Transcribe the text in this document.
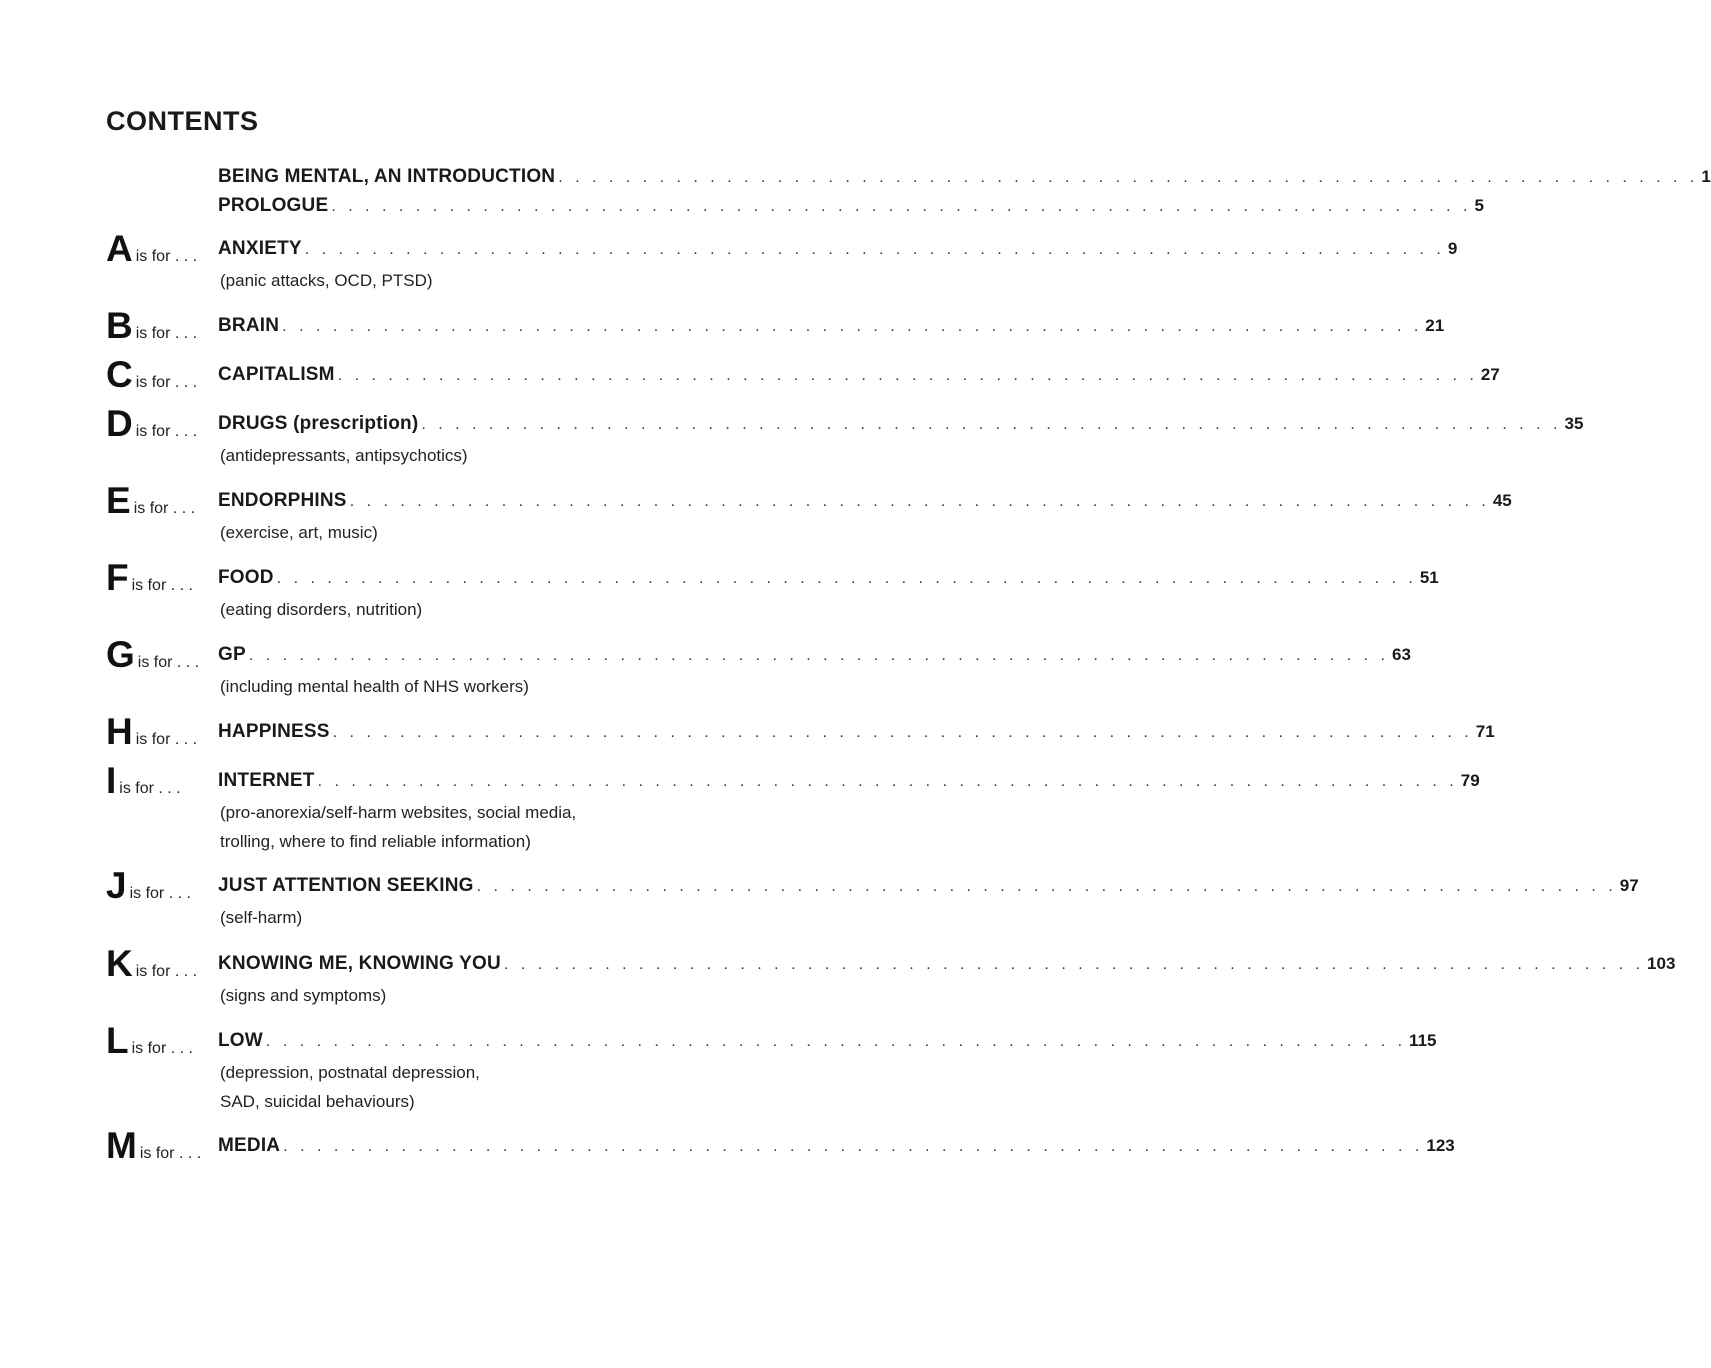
CONTENTS
BEING MENTAL, AN INTRODUCTION . . . . . . . . . . . . . . . . . . . . . . . . . . . . . . . . . . . . . . . . . . . . . . . . . . . . . . . . . . . . . . . . . . . . 1
PROLOGUE . . . . . . . . . . . . . . . . . . . . . . . . . . . . . . . . . . . . . . . . . . . . . . . . . . . . . . . . . . . . . . . . . . . . 5
A is for . . . ANXIETY . . . . . . . . . . . . . . . . . . . . . . . . . . . . . . . . . . . . . . . . . . . . . . . . . . . . . . . . . . . . . . . . . . . . 9
(panic attacks, OCD, PTSD)
B is for . . . BRAIN . . . . . . . . . . . . . . . . . . . . . . . . . . . . . . . . . . . . . . . . . . . . . . . . . . . . . . . . . . . . . . . . . . . . 21
C is for . . . CAPITALISM . . . . . . . . . . . . . . . . . . . . . . . . . . . . . . . . . . . . . . . . . . . . . . . . . . . . . . . . . . . . . . . . . . . . 27
D is for . . . DRUGS (prescription) . . . . . . . . . . . . . . . . . . . . . . . . . . . . . . . . . . . . . . . . . . . . . . . . . . . . . . . . . . . . . . . . . . . . 35
(antidepressants, antipsychotics)
E is for . . . ENDORPHINS . . . . . . . . . . . . . . . . . . . . . . . . . . . . . . . . . . . . . . . . . . . . . . . . . . . . . . . . . . . . . . . . . . . . 45
(exercise, art, music)
F is for . . . FOOD . . . . . . . . . . . . . . . . . . . . . . . . . . . . . . . . . . . . . . . . . . . . . . . . . . . . . . . . . . . . . . . . . . . . 51
(eating disorders, nutrition)
G is for . . . GP . . . . . . . . . . . . . . . . . . . . . . . . . . . . . . . . . . . . . . . . . . . . . . . . . . . . . . . . . . . . . . . . . . . . 63
(including mental health of NHS workers)
H is for . . . HAPPINESS . . . . . . . . . . . . . . . . . . . . . . . . . . . . . . . . . . . . . . . . . . . . . . . . . . . . . . . . . . . . . . . . . . . . 71
I is for . . . INTERNET . . . . . . . . . . . . . . . . . . . . . . . . . . . . . . . . . . . . . . . . . . . . . . . . . . . . . . . . . . . . . . . . . . . . 79
(pro-anorexia/self-harm websites, social media,
trolling, where to find reliable information)
J is for . . . JUST ATTENTION SEEKING . . . . . . . . . . . . . . . . . . . . . . . . . . . . . . . . . . . . . . . . . . . . . . . . . . . . . . . . . . . . . . . . . . . . 97
(self-harm)
K is for . . . KNOWING ME, KNOWING YOU . . . . . . . . . . . . . . . . . . . . . . . . . . . . . . . . . . . . . . . . . . . . . . . . . . . . . . . . . . . . . . . . . . . . 103
(signs and symptoms)
L is for . . . LOW . . . . . . . . . . . . . . . . . . . . . . . . . . . . . . . . . . . . . . . . . . . . . . . . . . . . . . . . . . . . . . . . . . . . 115
(depression, postnatal depression,
SAD, suicidal behaviours)
M is for . . . MEDIA . . . . . . . . . . . . . . . . . . . . . . . . . . . . . . . . . . . . . . . . . . . . . . . . . . . . . . . . . . . . . . . . . . . . 123
